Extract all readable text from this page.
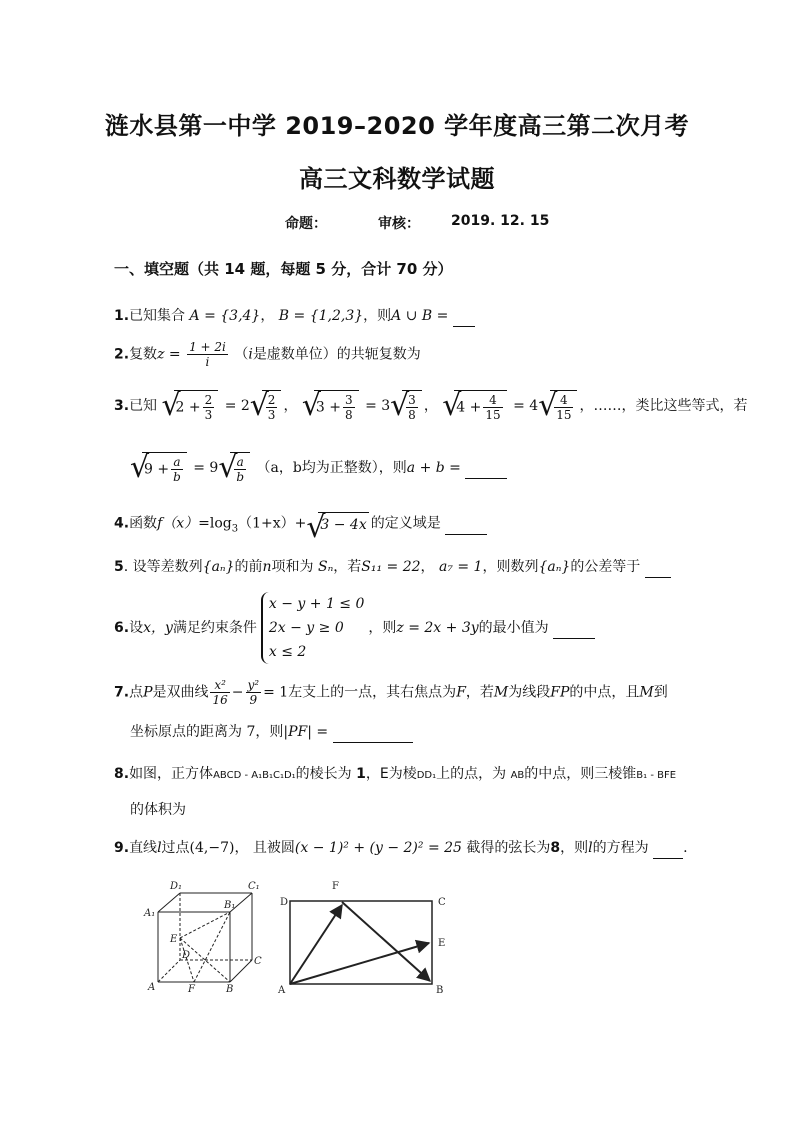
涟水县第一中学 2019–2020 学年度高三第二次月考
高三文科数学试题
命题：	审核： 2019. 12. 15
一、填空题（共 14 题，每题 5 分，合计 70 分）
1.已知集合 A = {3,4}， B = {1,2,3}，则A ∪ B =
2.复数$z = \frac{1 + 2i}{i} (i$是虚数单位）的共轭复数为
3.已知 √ $2 + \frac{2}{3} = 2$
√ $\frac{2}{3}$ ， √ $3 + \frac{3}{8} = 3$
√ $\frac{3}{8}$ ， √ $4 + \frac{4}{15} = 4$
√ $\frac{4}{15}$ ，……，类比这些等式，若
√ $9 + \frac{a}{b} = 9$
√ $\frac{a}{b} (a$，b均为正整数），则a + b =
4.函数$f(x)=\log_3(1+x)+√$ 3 − 4x 的定义域是
5. 设等差数列{aₙ}的前n项和为 Sₙ，若S₁₁ = 22， a₇ = 1，则数列{aₙ}的公差等于
6.设x，y满足约束条件
x − y + 1 ≤ 0
2x − y ≥ 0
x ≤ 2
，则z = 2x + 3y的最小值为
7.点P是双曲线 $\frac{\text{x²}}{16} - \frac{\text{y²}}{9} = 1$左支上的一点，其右焦点为F，若M为线段FP的中点，且M到
坐标原点的距离为 7，则|PF| =
8.如图，正方体ABCD - A₁B₁C₁D₁的棱长为 1，E为棱DD₁上的点，为 AB的中点，则三棱锥B₁ - BFE
的体积为
9.直线l过点(4,−7)， 且被圆(x − 1)² + (y − 2)² = 25 截得的弦长为8，则l的方程为 .
D₁	C₁
A₁
B₁
E
D
C
A	F	B
D
F
C
E
A	B
